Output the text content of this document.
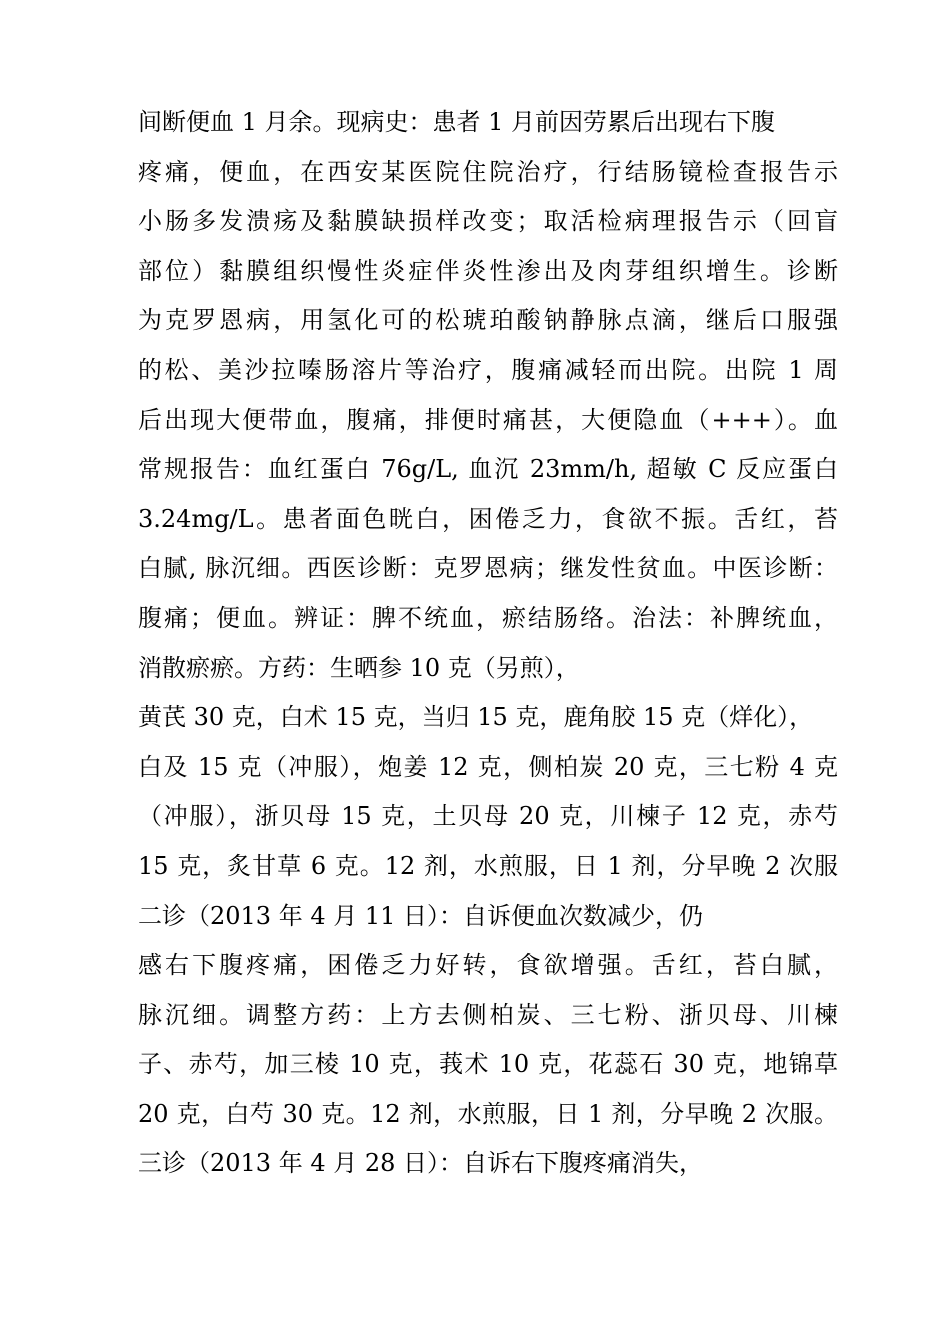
间断便血 1 月余。现病史：患者 1 月前因劳累后出现右下腹
疼痛，便血，在西安某医院住院治疗，行结肠镜检查报告示
小肠多发溃疡及黏膜缺损样改变；取活检病理报告示（回盲
部位）黏膜组织慢性炎症伴炎性渗出及肉芽组织增生。诊断
为克罗恩病，用氢化可的松琥珀酸钠静脉点滴，继后口服强
的松、美沙拉嗪肠溶片等治疗，腹痛减轻而出院。出院 1 周
后出现大便带血，腹痛，排便时痛甚，大便隐血（+++）。血
常规报告：血红蛋白 76g/L, 血沉 23mm/h, 超敏 C 反应蛋白
3.24mg/L。患者面色晄白，困倦乏力，食欲不振。舌红，苔
白腻, 脉沉细。西医诊断：克罗恩病；继发性贫血。中医诊断：
腹痛；便血。辨证：脾不统血，瘀结肠络。治法：补脾统血，
消散瘀瘀。方药：生晒参 10 克（另煎），
黄芪 30 克，白术 15 克，当归 15 克，鹿角胶 15 克（烊化），
白及 15 克（冲服），炮姜 12 克，侧柏炭 20 克，三七粉 4 克
（冲服），浙贝母 15 克，土贝母 20 克，川楝子 12 克，赤芍
15 克，炙甘草 6 克。12 剂，水煎服，日 1 剂，分早晚 2 次服
二诊（2013 年 4 月 11 日）：自诉便血次数减少，仍
感右下腹疼痛，困倦乏力好转，食欲增强。舌红，苔白腻，
脉沉细。调整方药：上方去侧柏炭、三七粉、浙贝母、川楝
子、赤芍，加三棱 10 克，莪术 10 克，花蕊石 30 克，地锦草
20 克，白芍 30 克。12 剂，水煎服，日 1 剂，分早晚 2 次服。
三诊（2013 年 4 月 28 日）：自诉右下腹疼痛消失，
